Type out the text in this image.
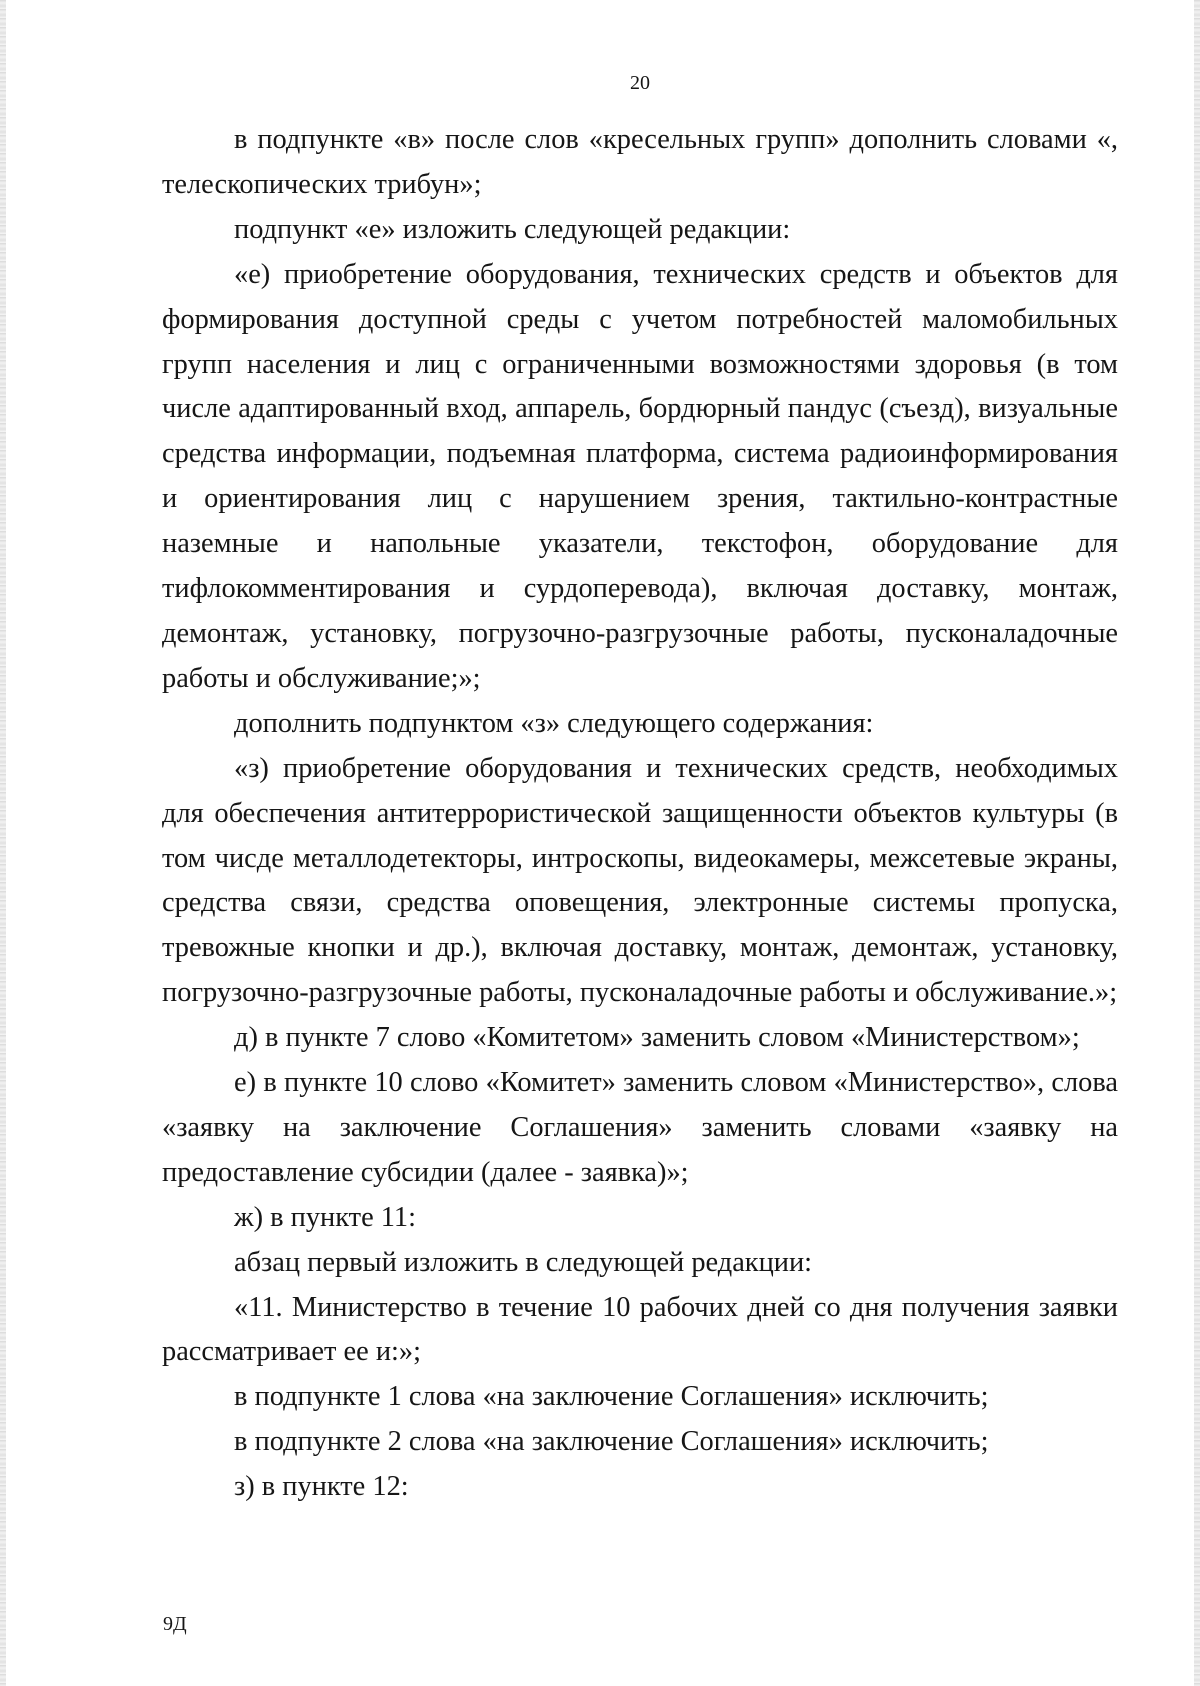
20

в подпункте «в» после слов «кресельных групп» дополнить словами «, телескопических трибун»;

подпункт «е» изложить следующей редакции:

«е) приобретение оборудования, технических средств и объектов для формирования доступной среды с учетом потребностей маломобильных групп населения и лиц с ограниченными возможностями здоровья (в том числе адаптированный вход, аппарель, бордюрный пандус (съезд), визуальные средства информации, подъемная платформа, система радиоинформирования и ориентирования лиц с нарушением зрения, тактильно-контрастные наземные и напольные указатели, текстофон, оборудование для тифлокомментирования и сурдоперевода), включая доставку, монтаж, демонтаж, установку, погрузочно-разгрузочные работы, пусконаладочные работы и обслуживание;»;

дополнить подпунктом «з» следующего содержания:

«з) приобретение оборудования и технических средств, необходимых для обеспечения антитеррористической защищенности объектов культуры (в том чисде металлодетекторы, интроскопы, видеокамеры, межсетевые экраны, средства связи, средства оповещения, электронные системы пропуска, тревожные кнопки и др.), включая доставку, монтаж, демонтаж, установку, погрузочно-разгрузочные работы, пусконаладочные работы и обслуживание.»;

д) в пункте 7 слово «Комитетом» заменить словом «Министерством»;

е) в пункте 10 слово «Комитет» заменить словом «Министерство», слова «заявку на заключение Соглашения» заменить словами «заявку на предоставление субсидии (далее - заявка)»;

ж) в пункте 11:

абзац первый изложить в следующей редакции:

«11. Министерство в течение 10 рабочих дней со дня получения заявки рассматривает ее и:»;

в подпункте 1 слова «на заключение Соглашения» исключить;

в подпункте 2 слова «на заключение Соглашения» исключить;

з) в пункте 12:

9Д
